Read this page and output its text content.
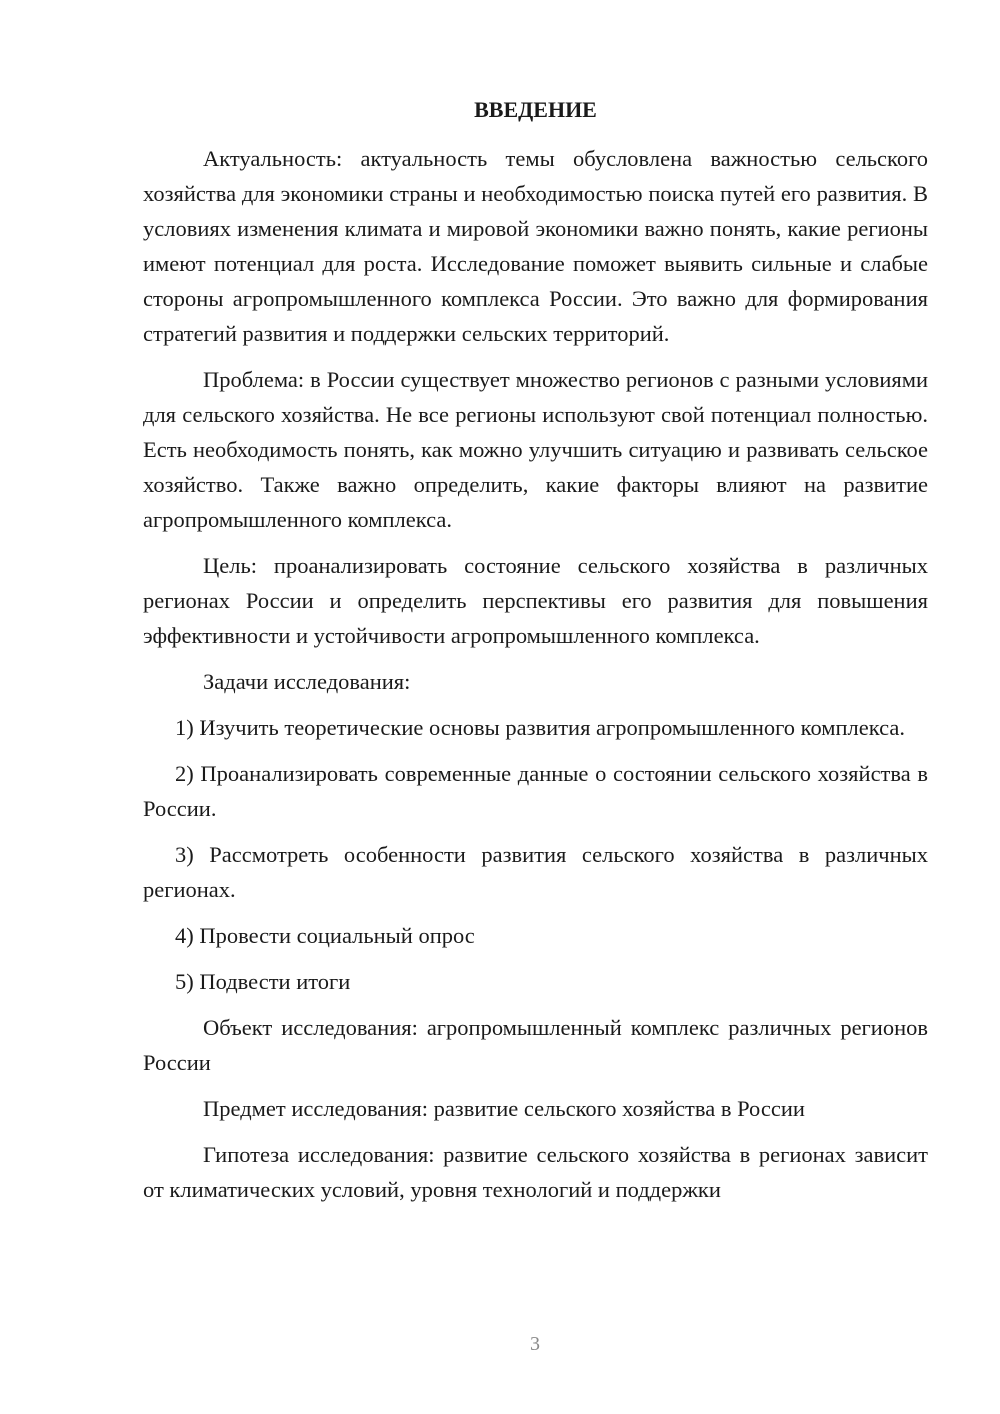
ВВЕДЕНИЕ

Актуальность: актуальность темы обусловлена важностью сельского хозяйства для экономики страны и необходимостью поиска путей его развития. В условиях изменения климата и мировой экономики важно понять, какие регионы имеют потенциал для роста. Исследование поможет выявить сильные и слабые стороны агропромышленного комплекса России. Это важно для формирования стратегий развития и поддержки сельских территорий.

Проблема: в России существует множество регионов с разными условиями для сельского хозяйства. Не все регионы используют свой потенциал полностью. Есть необходимость понять, как можно улучшить ситуацию и развивать сельское хозяйство. Также важно определить, какие факторы влияют на развитие агропромышленного комплекса.

Цель: проанализировать состояние сельского хозяйства в различных регионах России и определить перспективы его развития для повышения эффективности и устойчивости агропромышленного комплекса.

Задачи исследования:

1) Изучить теоретические основы развития агропромышленного комплекса.

2) Проанализировать современные данные о состоянии сельского хозяйства в России.

3) Рассмотреть особенности развития сельского хозяйства в различных регионах.

4) Провести социальный опрос

5) Подвести итоги

Объект исследования: агропромышленный комплекс различных регионов России

Предмет исследования: развитие сельского хозяйства в России

Гипотеза исследования: развитие сельского хозяйства в регионах зависит от климатических условий, уровня технологий и поддержки

3
